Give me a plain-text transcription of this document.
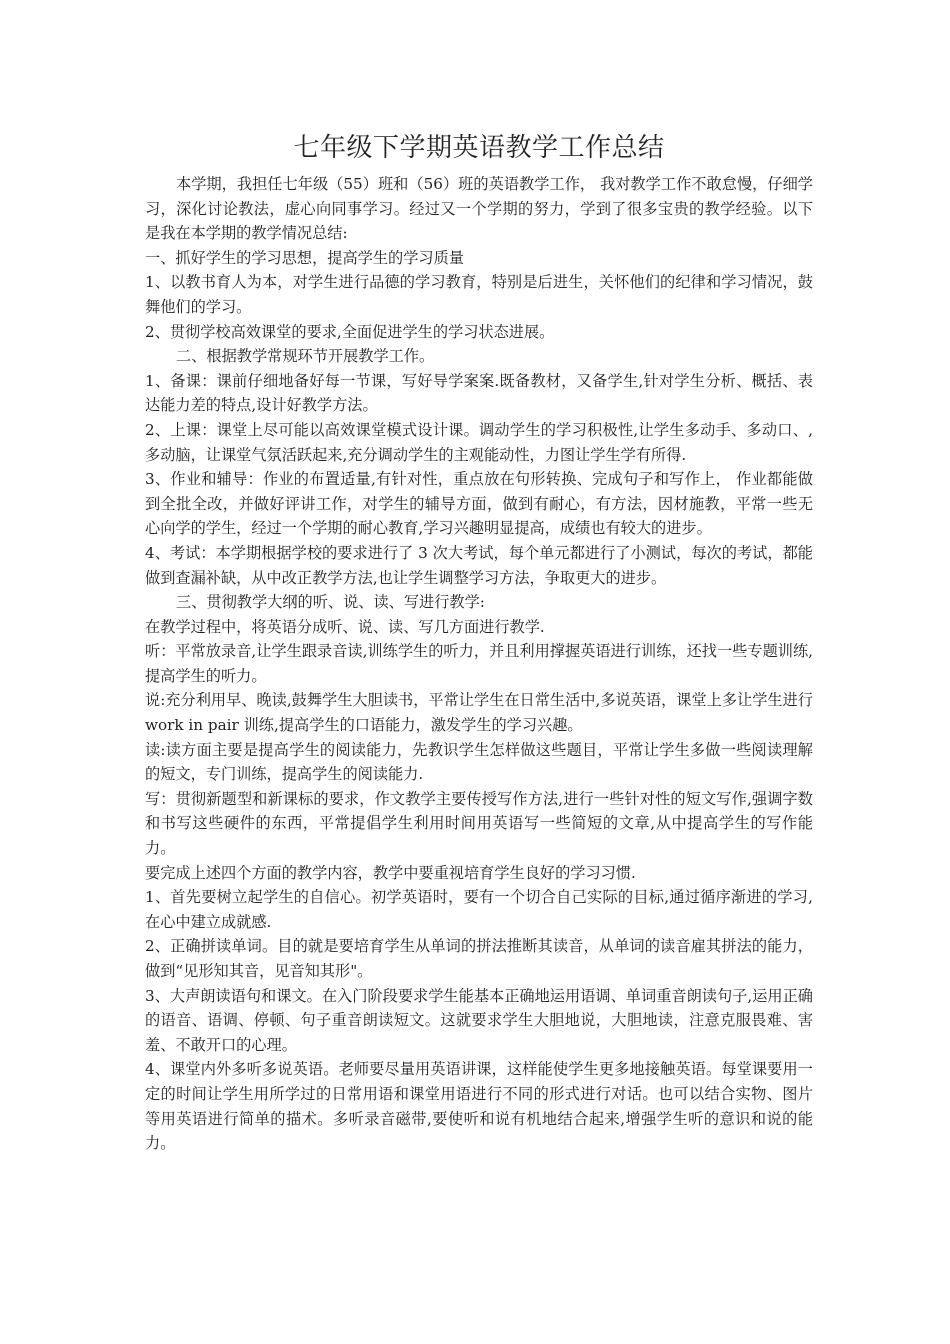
七年级下学期英语教学工作总结

本学期，我担任七年级（55）班和（56）班的英语教学工作， 我对教学工作不敢怠慢，仔细学习，深化讨论教法，虚心向同事学习。经过又一个学期的努力，学到了很多宝贵的教学经验。以下是我在本学期的教学情况总结:

一、抓好学生的学习思想，提高学生的学习质量

1、以教书育人为本，对学生进行品德的学习教育，特别是后进生，关怀他们的纪律和学习情况，鼓舞他们的学习。

2、贯彻学校高效课堂的要求,全面促进学生的学习状态进展。

二、根据教学常规环节开展教学工作。

1、备课：课前仔细地备好每一节课，写好导学案案.既备教材，又备学生,针对学生分析、概括、表达能力差的特点,设计好教学方法。

2、上课：课堂上尽可能以高效课堂模式设计课。调动学生的学习积极性,让学生多动手、多动口、,多动脑，让课堂气氛活跃起来,充分调动学生的主观能动性，力图让学生学有所得.

3、作业和辅导：作业的布置适量,有针对性，重点放在句形转换、完成句子和写作上， 作业都能做到全批全改，并做好评讲工作，对学生的辅导方面，做到有耐心，有方法，因材施教，平常一些无心向学的学生，经过一个学期的耐心教育,学习兴趣明显提高，成绩也有较大的进步。

4、考试：本学期根据学校的要求进行了 3 次大考试，每个单元都进行了小测试，每次的考试，都能做到查漏补缺，从中改正教学方法,也让学生调整学习方法，争取更大的进步。

三、贯彻教学大纲的听、说、读、写进行教学:

在教学过程中，将英语分成听、说、读、写几方面进行教学.

听：平常放录音,让学生跟录音读,训练学生的听力，并且利用撑握英语进行训练，还找一些专题训练,提高学生的听力。

说:充分利用早、晚读,鼓舞学生大胆读书，平常让学生在日常生活中,多说英语，课堂上多让学生进行 work in pair 训练,提高学生的口语能力，激发学生的学习兴趣。

读:读方面主要是提高学生的阅读能力，先教识学生怎样做这些题目，平常让学生多做一些阅读理解的短文，专门训练，提高学生的阅读能力.

写：贯彻新题型和新课标的要求，作文教学主要传授写作方法,进行一些针对性的短文写作,强调字数和书写这些硬件的东西，平常提倡学生利用时间用英语写一些简短的文章,从中提高学生的写作能力。

要完成上述四个方面的教学内容，教学中要重视培育学生良好的学习习惯.

1、首先要树立起学生的自信心。初学英语时，要有一个切合自己实际的目标,通过循序渐进的学习,在心中建立成就感.

2、正确拼读单词。目的就是要培育学生从单词的拼法推断其读音，从单词的读音雇其拼法的能力，做到“见形知其音，见音知其形"。

3、大声朗读语句和课文。在入门阶段要求学生能基本正确地运用语调、单词重音朗读句子,运用正确的语音、语调、停顿、句子重音朗读短文。这就要求学生大胆地说，大胆地读，注意克服畏难、害羞、不敢开口的心理。

4、课堂内外多听多说英语。老师要尽量用英语讲课，这样能使学生更多地接触英语。每堂课要用一定的时间让学生用所学过的日常用语和课堂用语进行不同的形式进行对话。也可以结合实物、图片等用英语进行简单的描术。多听录音磁带,要使听和说有机地结合起来,增强学生听的意识和说的能力。
